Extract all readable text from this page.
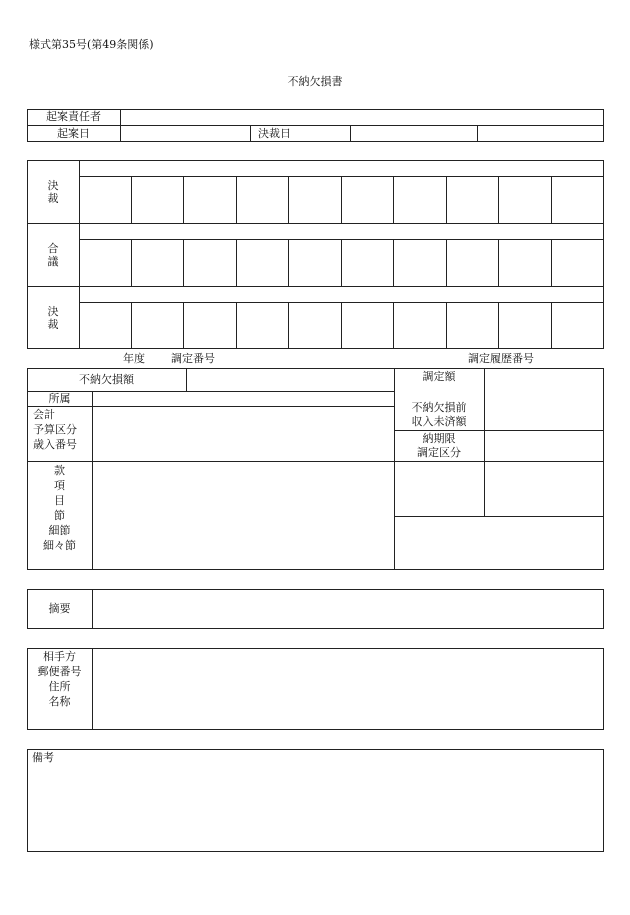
様式第35号(第49条関係)
不納欠損書
起案責任者
起案日	決裁日
決
裁
合
議
決
裁
年度 調定番号	調定履歴番号
不納欠損額
所属
会計
予算区分
歳入番号
款
項
目
節
細節
細々節
調定額
不納欠損前
収入未済額
納期限
調定区分
摘要
相手方
郵便番号
住所
名称
備考
